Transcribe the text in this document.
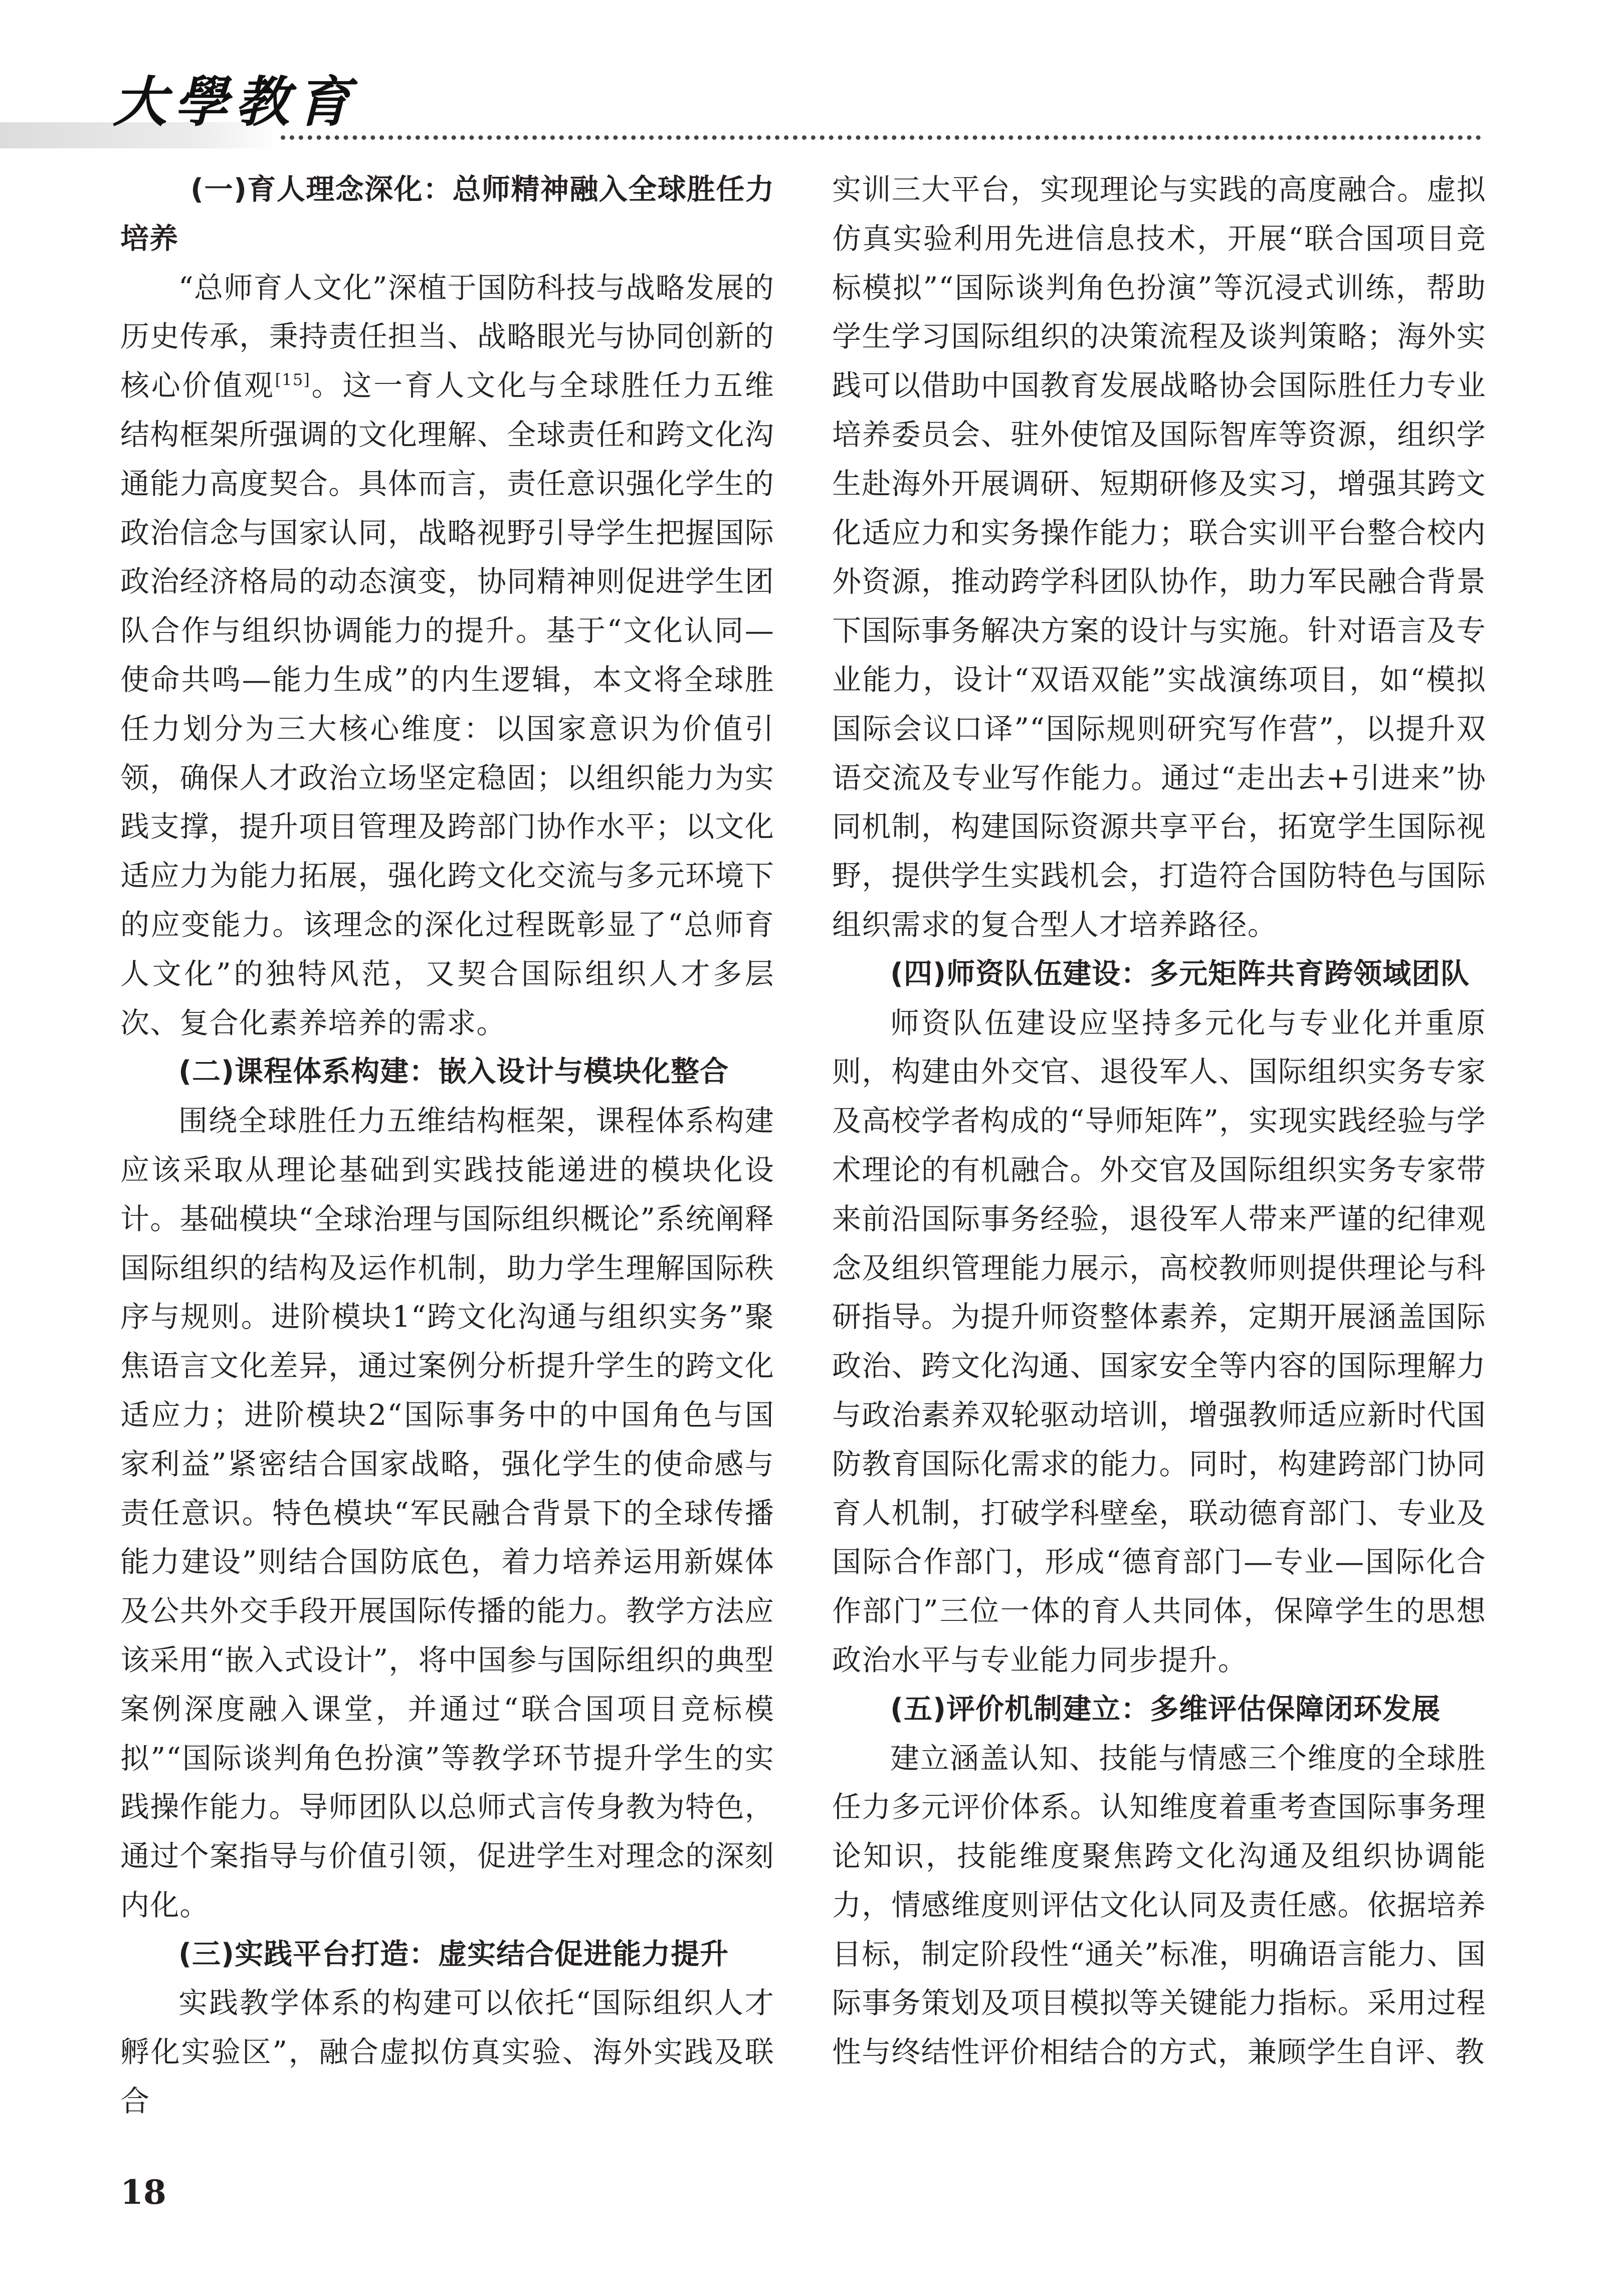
大學教育

(一)育人理念深化：总师精神融入全球胜任力培养

“总师育人文化”深植于国防科技与战略发展的历史传承，秉持责任担当、战略眼光与协同创新的核心价值观[15]。这一育人文化与全球胜任力五维结构框架所强调的文化理解、全球责任和跨文化沟通能力高度契合。具体而言，责任意识强化学生的政治信念与国家认同，战略视野引导学生把握国际政治经济格局的动态演变，协同精神则促进学生团队合作与组织协调能力的提升。基于“文化认同—使命共鸣—能力生成”的内生逻辑，本文将全球胜任力划分为三大核心维度：以国家意识为价值引领，确保人才政治立场坚定稳固；以组织能力为实践支撑，提升项目管理及跨部门协作水平；以文化适应力为能力拓展，强化跨文化交流与多元环境下的应变能力。该理念的深化过程既彰显了“总师育人文化”的独特风范，又契合国际组织人才多层次、复合化素养培养的需求。

(二)课程体系构建：嵌入设计与模块化整合

围绕全球胜任力五维结构框架，课程体系构建应该采取从理论基础到实践技能递进的模块化设计。基础模块“全球治理与国际组织概论”系统阐释国际组织的结构及运作机制，助力学生理解国际秩序与规则。进阶模块1“跨文化沟通与组织实务”聚焦语言文化差异，通过案例分析提升学生的跨文化适应力；进阶模块2“国际事务中的中国角色与国家利益”紧密结合国家战略，强化学生的使命感与责任意识。特色模块“军民融合背景下的全球传播能力建设”则结合国防底色，着力培养运用新媒体及公共外交手段开展国际传播的能力。教学方法应该采用“嵌入式设计”，将中国参与国际组织的典型案例深度融入课堂，并通过“联合国项目竞标模拟”“国际谈判角色扮演”等教学环节提升学生的实践操作能力。导师团队以总师式言传身教为特色，通过个案指导与价值引领，促进学生对理念的深刻内化。

(三)实践平台打造：虚实结合促进能力提升

实践教学体系的构建可以依托“国际组织人才孵化实验区”，融合虚拟仿真实验、海外实践及联合

实训三大平台，实现理论与实践的高度融合。虚拟仿真实验利用先进信息技术，开展“联合国项目竞标模拟”“国际谈判角色扮演”等沉浸式训练，帮助学生学习国际组织的决策流程及谈判策略；海外实践可以借助中国教育发展战略协会国际胜任力专业培养委员会、驻外使馆及国际智库等资源，组织学生赴海外开展调研、短期研修及实习，增强其跨文化适应力和实务操作能力；联合实训平台整合校内外资源，推动跨学科团队协作，助力军民融合背景下国际事务解决方案的设计与实施。针对语言及专业能力，设计“双语双能”实战演练项目，如“模拟国际会议口译”“国际规则研究写作营”，以提升双语交流及专业写作能力。通过“走出去+引进来”协同机制，构建国际资源共享平台，拓宽学生国际视野，提供学生实践机会，打造符合国防特色与国际组织需求的复合型人才培养路径。

(四)师资队伍建设：多元矩阵共育跨领域团队

师资队伍建设应坚持多元化与专业化并重原则，构建由外交官、退役军人、国际组织实务专家及高校学者构成的“导师矩阵”，实现实践经验与学术理论的有机融合。外交官及国际组织实务专家带来前沿国际事务经验，退役军人带来严谨的纪律观念及组织管理能力展示，高校教师则提供理论与科研指导。为提升师资整体素养，定期开展涵盖国际政治、跨文化沟通、国家安全等内容的国际理解力与政治素养双轮驱动培训，增强教师适应新时代国防教育国际化需求的能力。同时，构建跨部门协同育人机制，打破学科壁垒，联动德育部门、专业及国际合作部门，形成“德育部门—专业—国际化合作部门”三位一体的育人共同体，保障学生的思想政治水平与专业能力同步提升。

(五)评价机制建立：多维评估保障闭环发展

建立涵盖认知、技能与情感三个维度的全球胜任力多元评价体系。认知维度着重考查国际事务理论知识，技能维度聚焦跨文化沟通及组织协调能力，情感维度则评估文化认同及责任感。依据培养目标，制定阶段性“通关”标准，明确语言能力、国际事务策划及项目模拟等关键能力指标。采用过程性与终结性评价相结合的方式，兼顾学生自评、教

18
